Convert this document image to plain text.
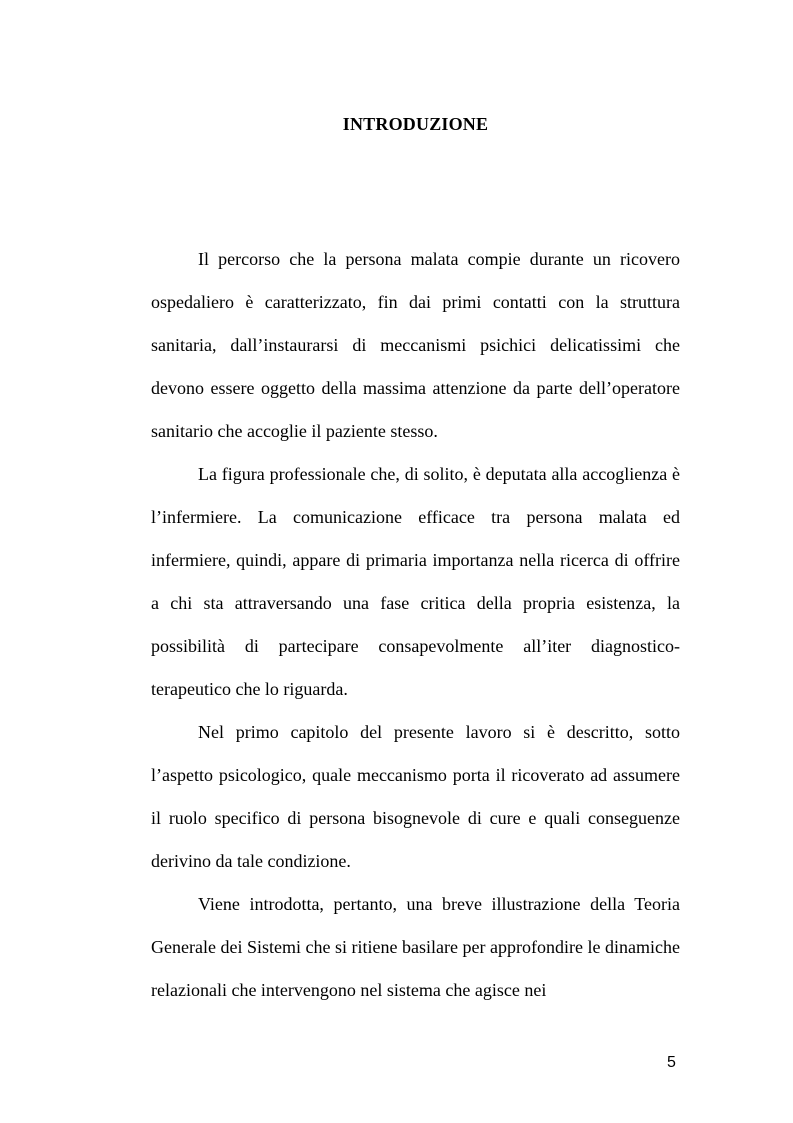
INTRODUZIONE

Il percorso che la persona malata compie durante un ricovero ospedaliero è caratterizzato, fin dai primi contatti con la struttura sanitaria, dall’instaurarsi di meccanismi psichici delicatissimi che devono essere oggetto della massima attenzione da parte dell’operatore sanitario che accoglie il paziente stesso.

La figura professionale che, di solito, è deputata alla accoglienza è l’infermiere. La comunicazione efficace tra persona malata ed infermiere, quindi, appare di primaria importanza nella ricerca di offrire a chi sta attraversando una fase critica della propria esistenza, la possibilità di partecipare consapevolmente all’iter diagnostico-terapeutico che lo riguarda.

Nel primo capitolo del presente lavoro si è descritto, sotto l’aspetto psicologico, quale meccanismo porta il ricoverato ad assumere il ruolo specifico di persona bisognevole di cure e quali conseguenze derivino da tale condizione.

Viene introdotta, pertanto, una breve illustrazione della Teoria Generale dei Sistemi che si ritiene basilare per approfondire le dinamiche relazionali che intervengono nel sistema che agisce nei

5
